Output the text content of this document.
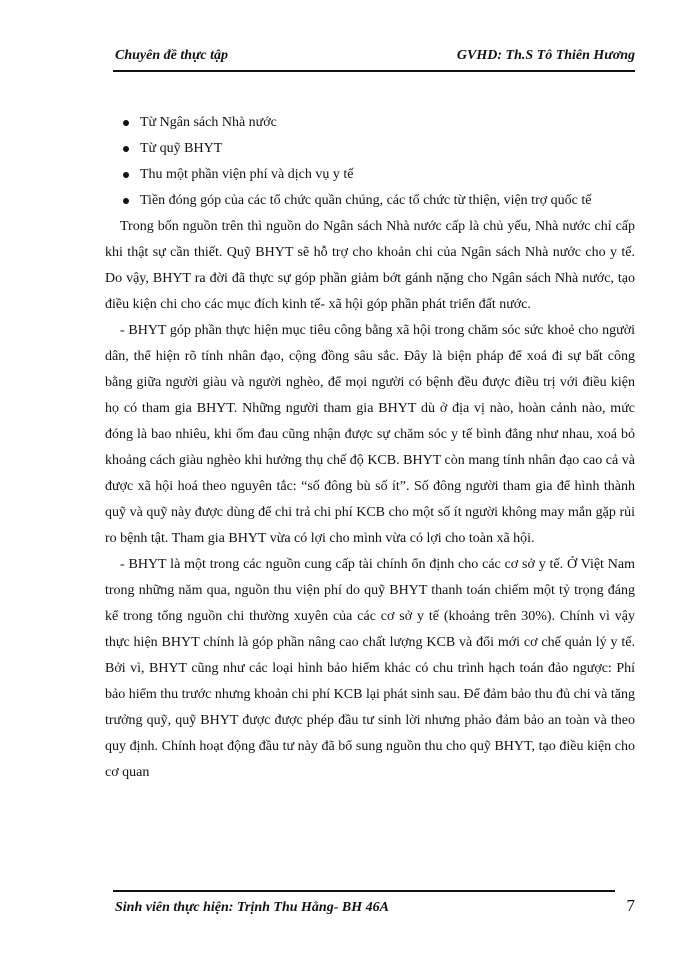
Chuyên đề thực tập	GVHD: Th.S Tô Thiên Hương
Từ Ngân sách Nhà nước
Từ quỹ BHYT
Thu một phần viện phí và dịch vụ y tế
Tiền đóng góp của các tổ chức quần chúng, các tổ chức từ thiện, viện trợ quốc tế

Trong bốn nguồn trên thì nguồn do Ngân sách Nhà nước cấp là chủ yếu, Nhà nước chỉ cấp khi thật sự cần thiết. Quỹ BHYT sẽ hỗ trợ cho khoản chi của Ngân sách Nhà nước cho y tế. Do vậy, BHYT ra đời đã thực sự góp phần giảm bớt gánh nặng cho Ngân sách Nhà nước, tạo điều kiện chi cho các mục đích kinh tế- xã hội góp phần phát triển đất nước.

- BHYT góp phần thực hiện mục tiêu công bằng xã hội trong chăm sóc sức khoẻ cho người dân, thể hiện rõ tính nhân đạo, cộng đồng sâu sắc. Đây là biện pháp để xoá đi sự bất công bằng giữa người giàu và người nghèo, để mọi người có bệnh đều được điều trị với điều kiện họ có tham gia BHYT. Những người tham gia BHYT dù ở địa vị nào, hoàn cảnh nào, mức đóng là bao nhiêu, khi ốm đau cũng nhận được sự chăm sóc y tế bình đẳng như nhau, xoá bỏ khoảng cách giàu nghèo khi hưởng thụ chế độ KCB. BHYT còn mang tính nhân đạo cao cả và được xã hội hoá theo nguyên tắc: “số đông bù số ít”. Số đông người tham gia để hình thành quỹ và quỹ này được dùng để chi trả chi phí KCB cho một số ít người không may mắn gặp rủi ro bệnh tật. Tham gia BHYT vừa có lợi cho mình vừa có lợi cho toàn xã hội.

- BHYT là một trong các nguồn cung cấp tài chính ổn định cho các cơ sở y tế. Ở Việt Nam trong những năm qua, nguồn thu viện phí do quỹ BHYT thanh toán chiếm một tỷ trọng đáng kể trong tổng nguồn chi thường xuyên của các cơ sở y tế (khoảng trên 30%). Chính vì vậy thực hiện BHYT chính là góp phần nâng cao chất lượng KCB và đổi mới cơ chế quản lý y tế. Bởi vì, BHYT cũng như các loại hình bảo hiểm khác có chu trình hạch toán đảo ngược: Phí bảo hiểm thu trước nhưng khoản chi phí KCB lại phát sinh sau. Để đảm bảo thu đủ chi và tăng trưởng quỹ, quỹ BHYT được được phép đầu tư sinh lời nhưng phảo đảm bảo an toàn và theo quy định. Chính hoạt động đầu tư này đã bổ sung nguồn thu cho quỹ BHYT, tạo điều kiện cho cơ quan

Sinh viên thực hiện: Trịnh Thu Hằng- BH 46A	7
